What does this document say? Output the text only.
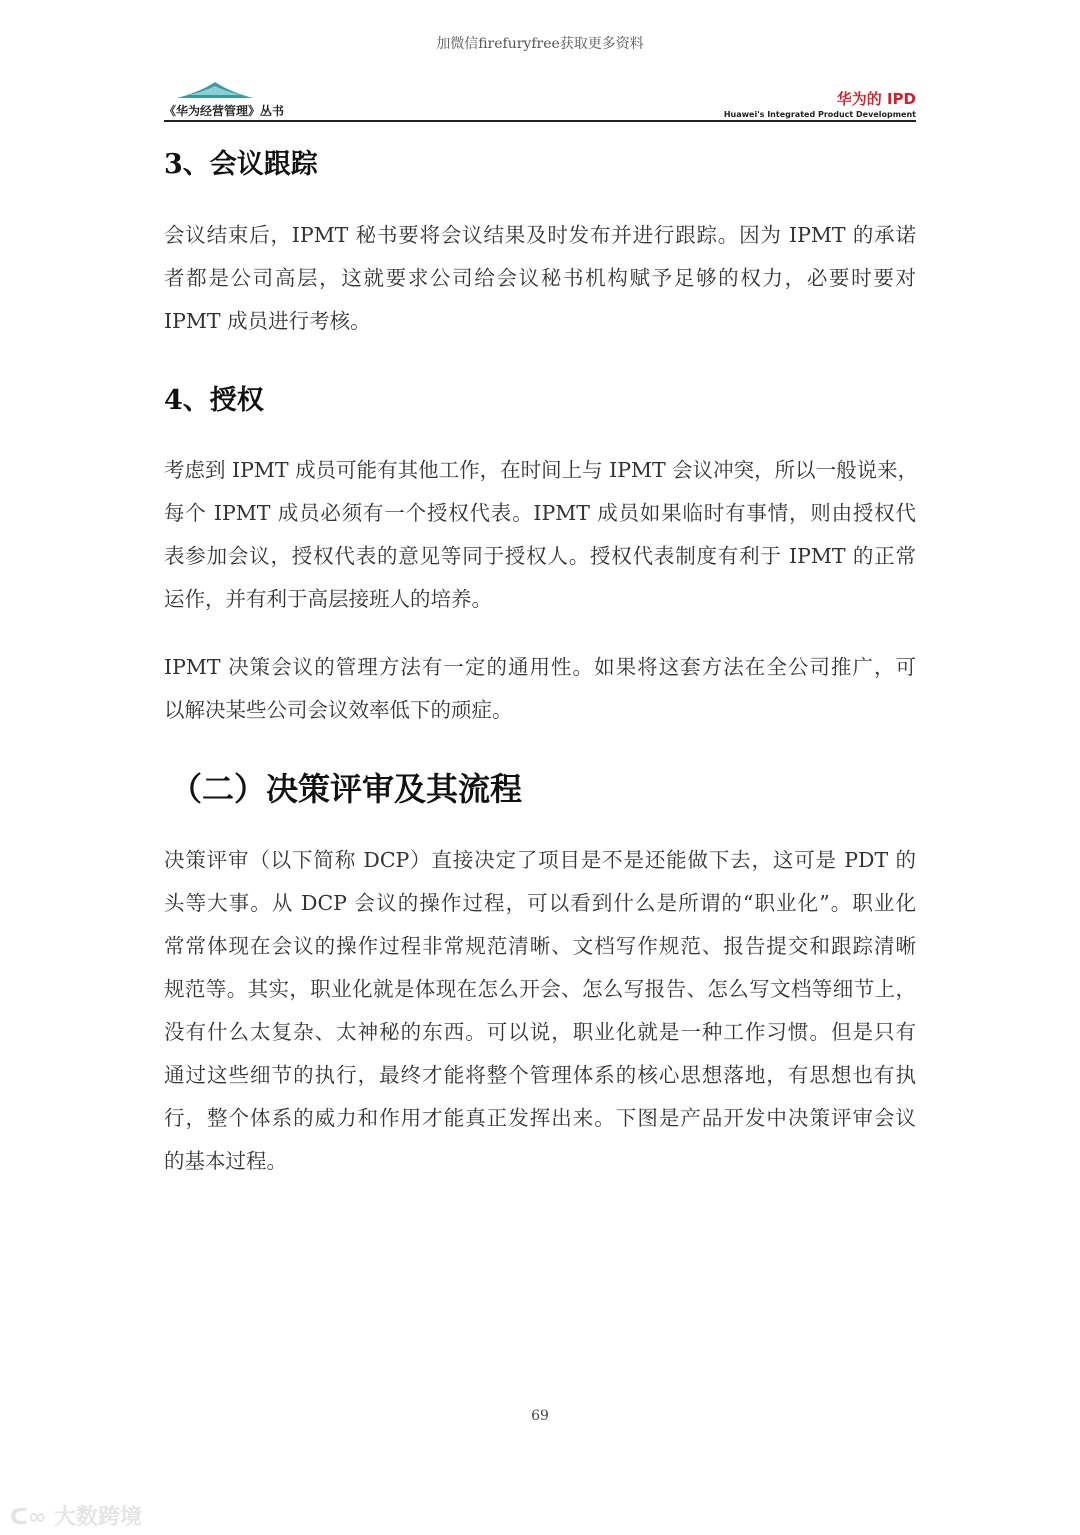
加微信firefuryfree获取更多资料
《华为经营管理》丛书
华为的 IPD
Huawei's Integrated Product Development
3、会议跟踪
会议结束后，IPMT 秘书要将会议结果及时发布并进行跟踪。因为 IPMT 的承诺
者都是公司高层，这就要求公司给会议秘书机构赋予足够的权力，必要时要对
IPMT 成员进行考核。
4、授权
考虑到 IPMT 成员可能有其他工作，在时间上与 IPMT 会议冲突，所以一般说来，
每个 IPMT 成员必须有一个授权代表。IPMT 成员如果临时有事情，则由授权代
表参加会议，授权代表的意见等同于授权人。授权代表制度有利于 IPMT 的正常
运作，并有利于高层接班人的培养。
IPMT 决策会议的管理方法有一定的通用性。如果将这套方法在全公司推广，可
以解决某些公司会议效率低下的顽症。
（二）决策评审及其流程
决策评审（以下简称 DCP）直接决定了项目是不是还能做下去，这可是 PDT 的
头等大事。从 DCP 会议的操作过程，可以看到什么是所谓的“职业化”。职业化
常常体现在会议的操作过程非常规范清晰、文档写作规范、报告提交和跟踪清晰
规范等。其实，职业化就是体现在怎么开会、怎么写报告、怎么写文档等细节上，
没有什么太复杂、太神秘的东西。可以说，职业化就是一种工作习惯。但是只有
通过这些细节的执行，最终才能将整个管理体系的核心思想落地，有思想也有执
行，整个体系的威力和作用才能真正发挥出来。下图是产品开发中决策评审会议
的基本过程。
69
ᑕ∞ 大数跨境
